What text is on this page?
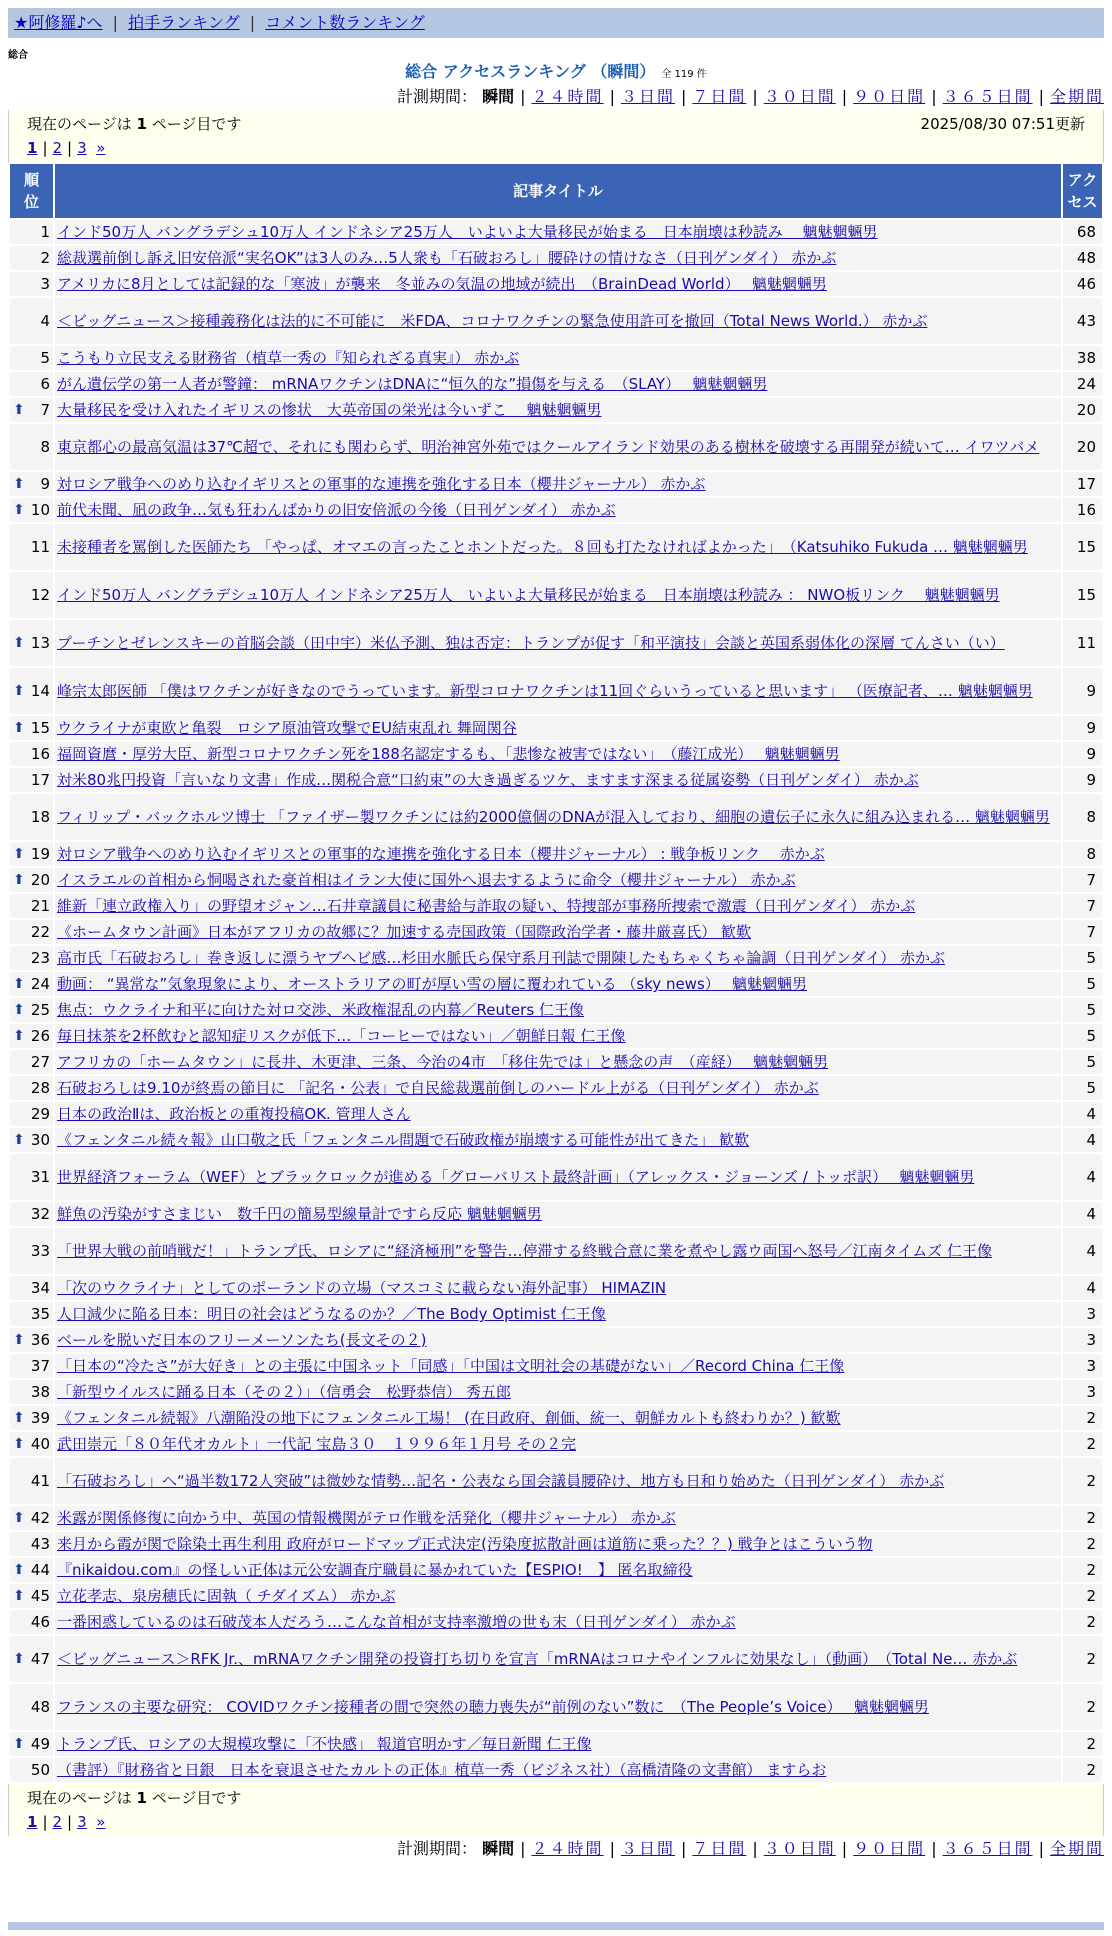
★阿修羅♪へ | 拍手ランキング | コメント数ランキング
総合
総合 アクセスランキング （瞬間） 全 119 件
計測期間： 瞬間 | ２４時間 | ３日間 | ７日間 | ３０日間 | ９０日間 | ３６５日間 | 全期間
現在のページは 1 ページ目です	2025/08/30 07:51更新
1 | 2 | 3 »
順位	記事タイトル	アクセス
1	インド50万人 バングラデシュ10万人 インドネシア25万人　いよいよ大量移民が始まる　日本崩壊は秒読み　 魑魅魍魎男	68
2	総裁選前倒し訴え旧安倍派“実名OK”は3人のみ…5人衆も「石破おろし」腰砕けの情けなさ（日刊ゲンダイ） 赤かぶ	48
3	アメリカに8月としては記録的な「寒波」が襲来　冬並みの気温の地域が続出　（BrainDead World）　 魑魅魍魎男	46
4	＜ビッグニュース＞接種義務化は法的に不可能に　米FDA、コロナワクチンの緊急使用許可を撤回（Total News World.） 赤かぶ	43
5	こうもり立民支える財務省（植草一秀の『知られざる真実』） 赤かぶ	38
6	がん遺伝学の第一人者が警鐘： mRNAワクチンはDNAに“恒久的な”損傷を与える　（SLAY）　 魑魅魍魎男	24

⬆ 7	大量移民を受け入れたイギリスの惨状　大英帝国の栄光は今いずこ　 魑魅魍魎男	20
8	東京都心の最高気温は37℃超で、それにも関わらず、明治神宮外苑ではクールアイランド効果のある樹林を破壊する再開発が続いて… イワツバメ	20

⬆ 9	対ロシア戦争へのめり込むイギリスとの軍事的な連携を強化する日本（櫻井ジャーナル） 赤かぶ	17

⬆ 10	前代未聞、凪の政争…気も狂わんばかりの旧安倍派の今後（日刊ゲンダイ） 赤かぶ	16
11	未接種者を罵倒した医師たち 「やっぱ、オマエの言ったことホントだった。８回も打たなければよかった」　（Katsuhiko Fukuda … 魑魅魍魎男	15
12	インド50万人 バングラデシュ10万人 インドネシア25万人　いよいよ大量移民が始まる　日本崩壊は秒読み ： NWO板リンク　 魑魅魍魎男	15

⬆ 13	プーチンとゼレンスキーの首脳会談（田中宇）米仏予測、独は否定：トランプが促す「和平演技」会談と英国系弱体化の深層 てんさい（い）	11

⬆ 14	峰宗太郎医師 「僕はワクチンが好きなのでうっています。新型コロナワクチンは11回ぐらいうっていると思います」 （医療記者、… 魑魅魍魎男	9

⬆ 15	ウクライナが東欧と亀裂　ロシア原油管攻撃でEU結束乱れ 舞岡関谷	9
16	福岡資麿・厚労大臣、新型コロナワクチン死を188名認定するも、「悲惨な被害ではない」　（藤江成光）　 魑魅魍魎男	9
17	対米80兆円投資「言いなり文書」作成…関税合意“口約束”の大き過ぎるツケ、ますます深まる従属姿勢（日刊ゲンダイ） 赤かぶ	9
18	フィリップ・バックホルツ博士 「ファイザー製ワクチンには約2000億個のDNAが混入しており、細胞の遺伝子に永久に組み込まれる… 魑魅魍魎男	8

⬆ 19	対ロシア戦争へのめり込むイギリスとの軍事的な連携を強化する日本（櫻井ジャーナル） : 戦争板リンク　 赤かぶ	8

⬆ 20	イスラエルの首相から恫喝された豪首相はイラン大使に国外へ退去するように命令（櫻井ジャーナル） 赤かぶ	7
21	維新「連立政権入り」の野望オジャン…石井章議員に秘書給与詐取の疑い、特捜部が事務所捜索で激震（日刊ゲンダイ） 赤かぶ	7
22	《ホームタウン計画》日本がアフリカの故郷に？加速する売国政策（国際政治学者・藤井厳喜氏） 歓歎	7
23	高市氏「石破おろし」巻き返しに漂うヤブヘビ感…杉田水脈氏ら保守系月刊誌で開陳したもちゃくちゃ論調（日刊ゲンダイ） 赤かぶ	5

⬆ 24	動画： “異常な”気象現象により、オーストラリアの町が厚い雪の層に覆われている （sky news）　 魑魅魍魎男	5

⬆ 25	焦点：ウクライナ和平に向けた対ロ交渉、米政権混乱の内幕／Reuters 仁王像	5

⬆ 26	毎日抹茶を2杯飲むと認知症リスクが低下…「コーヒーではない」／朝鮮日報 仁王像	5
27	アフリカの「ホームタウン」に長井、木更津、三条、今治の4市　「移住先では」と懸念の声　（産経）　 魑魅魍魎男	5
28	石破おろしは9.10が終焉の節目に 「記名・公表」で自民総裁選前倒しのハードル上がる（日刊ゲンダイ） 赤かぶ	5
29	日本の政治Ⅱは、政治板との重複投稿OK. 管理人さん	4

⬆ 30	《フェンタニル続々報》山口敬之氏「フェンタニル問題で石破政権が崩壊する可能性が出てきた」 歓歎	4
31	世界経済フォーラム（WEF）とブラックロックが進める「グローバリスト最終計画」（アレックス・ジョーンズ / トッポ訳）　 魑魅魍魎男	4
32	鮮魚の汚染がすさまじい　数千円の簡易型線量計ですら反応 魑魅魍魎男	4
33	「世界大戦の前哨戦だ！」トランプ氏、ロシアに“経済極刑”を警告…停滞する終戦合意に業を煮やし露ウ両国へ怒号／江南タイムズ 仁王像	4
34	「次のウクライナ」としてのポーランドの立場（マスコミに載らない海外記事） HIMAZIN	4
35	人口減少に陥る日本：明日の社会はどうなるのか？／The Body Optimist 仁王像	3

⬆ 36	ベールを脱いだ日本のフリーメーソンたち(長文その２)	3
37	「日本の“冷たさ”が大好き」との主張に中国ネット「同感」「中国は文明社会の基礎がない」／Record China 仁王像	3
38	「新型ウイルスに踊る日本（その２）」（信勇会　松野恭信） 秀五郎	3

⬆ 39	《フェンタニル続報》八潮陥没の地下にフェンタニル工場！ (在日政府、創価、統一、朝鮮カルトも終わりか？) 歓歎	2

⬆ 40	武田崇元「８０年代オカルト」一代記 宝島３０　１９９６年１月号 その２完	2
41	「石破おろし」へ“過半数172人突破”は微妙な情勢…記名・公表なら国会議員腰砕け、地方も日和り始めた（日刊ゲンダイ） 赤かぶ	2

⬆ 42	米露が関係修復に向かう中、英国の情報機関がテロ作戦を活発化（櫻井ジャーナル） 赤かぶ	2
43	来月から霞が関で除染土再生利用 政府がロードマップ正式決定(汚染度拡散計画は道筋に乗った？？) 戦争とはこういう物	2

⬆ 44	『nikaidou.com』の怪しい正体は元公安調査庁職員に暴かれていた【ESPIO!　】 匿名取締役	2

⬆ 45	立花孝志、泉房穂氏に固執（ チダイズム） 赤かぶ	2
46	一番困惑しているのは石破茂本人だろう…こんな首相が支持率激増の世も末（日刊ゲンダイ） 赤かぶ	2

⬆ 47	＜ビッグニュース＞RFK Jr.、mRNAワクチン開発の投資打ち切りを宣言「mRNAはコロナやインフルに効果なし」（動画）　（Total Ne… 赤かぶ	2
48	フランスの主要な研究： COVIDワクチン接種者の間で突然の聴力喪失が“前例のない”数に　（The People’s Voice）　 魑魅魍魎男	2

⬆ 49	トランプ氏、ロシアの大規模攻撃に「不快感」 報道官明かす／毎日新聞 仁王像	2
50	（書評）『財務省と日銀　日本を衰退させたカルトの正体』植草一秀（ビジネス社）（高橋清隆の文書館） ますらお	2
現在のページは 1 ページ目です
1 | 2 | 3 »
計測期間： 瞬間 | ２４時間 | ３日間 | ７日間 | ３０日間 | ９０日間 | ３６５日間 | 全期間
